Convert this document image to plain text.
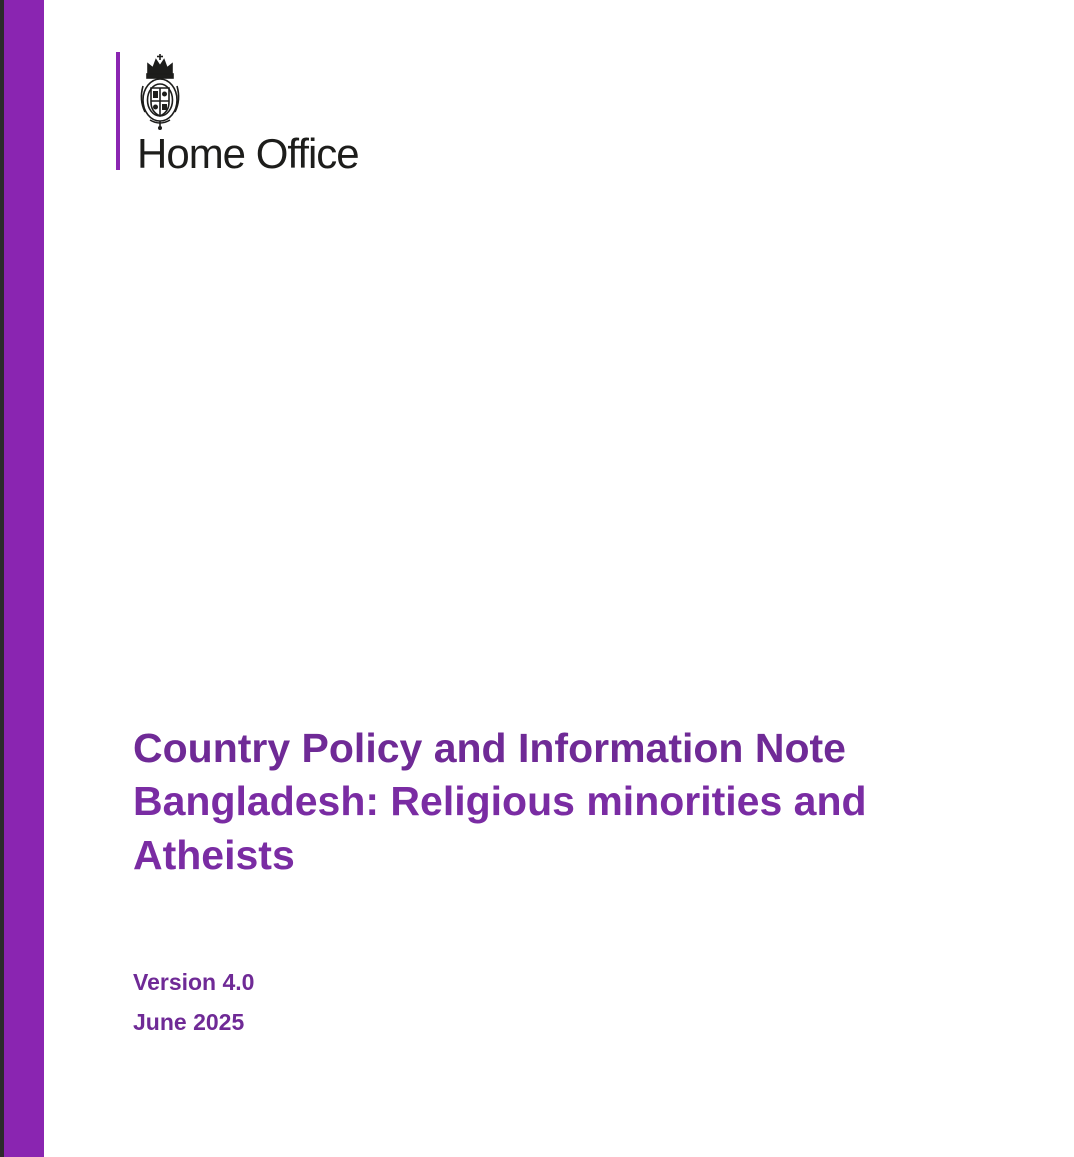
Home Office
Country Policy and Information Note
Bangladesh: Religious minorities and Atheists
Version 4.0
June 2025
